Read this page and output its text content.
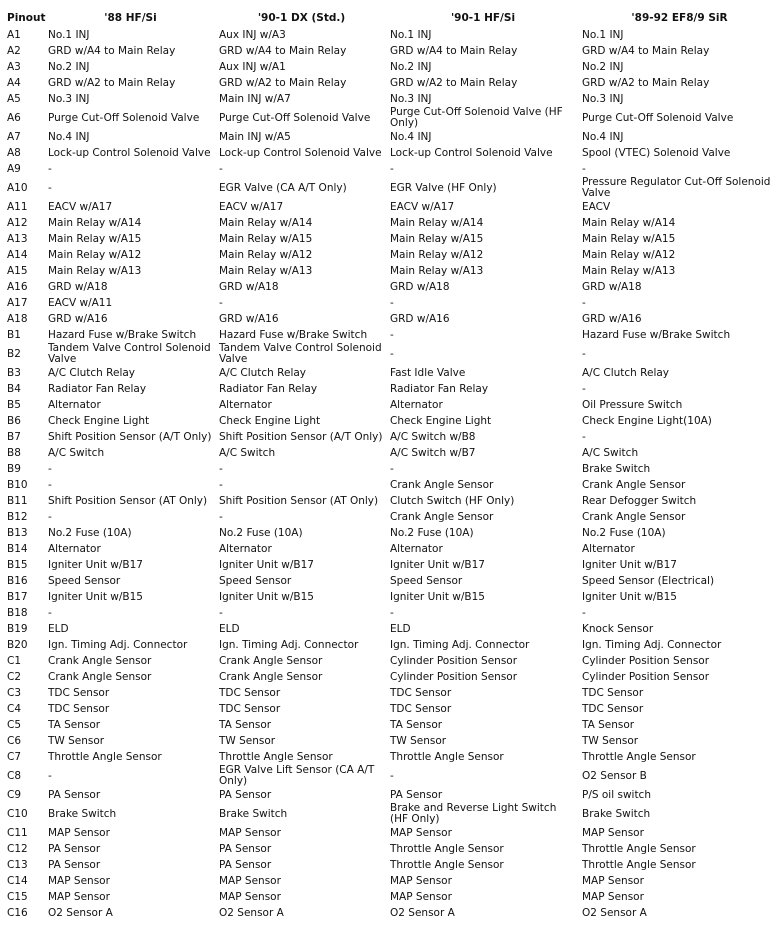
Pinout	'88 HF/Si	'90-1 DX (Std.)	'90-1 HF/Si	'89-92 EF8/9 SiR
A1	No.1 INJ	Aux INJ w/A3	No.1 INJ	No.1 INJ
A2	GRD w/A4 to Main Relay	GRD w/A4 to Main Relay	GRD w/A4 to Main Relay	GRD w/A4 to Main Relay
A3	No.2 INJ	Aux INJ w/A1	No.2 INJ	No.2 INJ
A4	GRD w/A2 to Main Relay	GRD w/A2 to Main Relay	GRD w/A2 to Main Relay	GRD w/A2 to Main Relay
A5	No.3 INJ	Main INJ w/A7	No.3 INJ	No.3 INJ
A6	Purge Cut-Off Solenoid Valve	Purge Cut-Off Solenoid Valve	Purge Cut-Off Solenoid Valve (HF Only)	Purge Cut-Off Solenoid Valve
A7	No.4 INJ	Main INJ w/A5	No.4 INJ	No.4 INJ
A8	Lock-up Control Solenoid Valve	Lock-up Control Solenoid Valve	Lock-up Control Solenoid Valve	Spool (VTEC) Solenoid Valve
A9	-	-	-	-
A10	-	EGR Valve (CA A/T Only)	EGR Valve (HF Only)	Pressure Regulator Cut-Off Solenoid Valve
A11	EACV w/A17	EACV w/A17	EACV w/A17	EACV
A12	Main Relay w/A14	Main Relay w/A14	Main Relay w/A14	Main Relay w/A14
A13	Main Relay w/A15	Main Relay w/A15	Main Relay w/A15	Main Relay w/A15
A14	Main Relay w/A12	Main Relay w/A12	Main Relay w/A12	Main Relay w/A12
A15	Main Relay w/A13	Main Relay w/A13	Main Relay w/A13	Main Relay w/A13
A16	GRD w/A18	GRD w/A18	GRD w/A18	GRD w/A18
A17	EACV w/A11	-	-	-
A18	GRD w/A16	GRD w/A16	GRD w/A16	GRD w/A16
B1	Hazard Fuse w/Brake Switch	Hazard Fuse w/Brake Switch	-	Hazard Fuse w/Brake Switch
B2	Tandem Valve Control Solenoid Valve	Tandem Valve Control Solenoid Valve	-	-
B3	A/C Clutch Relay	A/C Clutch Relay	Fast Idle Valve	A/C Clutch Relay
B4	Radiator Fan Relay	Radiator Fan Relay	Radiator Fan Relay	-
B5	Alternator	Alternator	Alternator	Oil Pressure Switch
B6	Check Engine Light	Check Engine Light	Check Engine Light	Check Engine Light(10A)
B7	Shift Position Sensor (A/T Only)	Shift Position Sensor (A/T Only)	A/C Switch w/B8	-
B8	A/C Switch	A/C Switch	A/C Switch w/B7	A/C Switch
B9	-	-	-	Brake Switch
B10	-	-	Crank Angle Sensor	Crank Angle Sensor
B11	Shift Position Sensor (AT Only)	Shift Position Sensor (AT Only)	Clutch Switch (HF Only)	Rear Defogger Switch
B12	-	-	Crank Angle Sensor	Crank Angle Sensor
B13	No.2 Fuse (10A)	No.2 Fuse (10A)	No.2 Fuse (10A)	No.2 Fuse (10A)
B14	Alternator	Alternator	Alternator	Alternator
B15	Igniter Unit w/B17	Igniter Unit w/B17	Igniter Unit w/B17	Igniter Unit w/B17
B16	Speed Sensor	Speed Sensor	Speed Sensor	Speed Sensor (Electrical)
B17	Igniter Unit w/B15	Igniter Unit w/B15	Igniter Unit w/B15	Igniter Unit w/B15
B18	-	-	-	-
B19	ELD	ELD	ELD	Knock Sensor
B20	Ign. Timing Adj. Connector	Ign. Timing Adj. Connector	Ign. Timing Adj. Connector	Ign. Timing Adj. Connector
C1	Crank Angle Sensor	Crank Angle Sensor	Cylinder Position Sensor	Cylinder Position Sensor
C2	Crank Angle Sensor	Crank Angle Sensor	Cylinder Position Sensor	Cylinder Position Sensor
C3	TDC Sensor	TDC Sensor	TDC Sensor	TDC Sensor
C4	TDC Sensor	TDC Sensor	TDC Sensor	TDC Sensor
C5	TA Sensor	TA Sensor	TA Sensor	TA Sensor
C6	TW Sensor	TW Sensor	TW Sensor	TW Sensor
C7	Throttle Angle Sensor	Throttle Angle Sensor	Throttle Angle Sensor	Throttle Angle Sensor
C8	-	EGR Valve Lift Sensor (CA A/T Only)	-	O2 Sensor B
C9	PA Sensor	PA Sensor	PA Sensor	P/S oil switch
C10	Brake Switch	Brake Switch	Brake and Reverse Light Switch (HF Only)	Brake Switch
C11	MAP Sensor	MAP Sensor	MAP Sensor	MAP Sensor
C12	PA Sensor	PA Sensor	Throttle Angle Sensor	Throttle Angle Sensor
C13	PA Sensor	PA Sensor	Throttle Angle Sensor	Throttle Angle Sensor
C14	MAP Sensor	MAP Sensor	MAP Sensor	MAP Sensor
C15	MAP Sensor	MAP Sensor	MAP Sensor	MAP Sensor
C16	O2 Sensor A	O2 Sensor A	O2 Sensor A	O2 Sensor A
